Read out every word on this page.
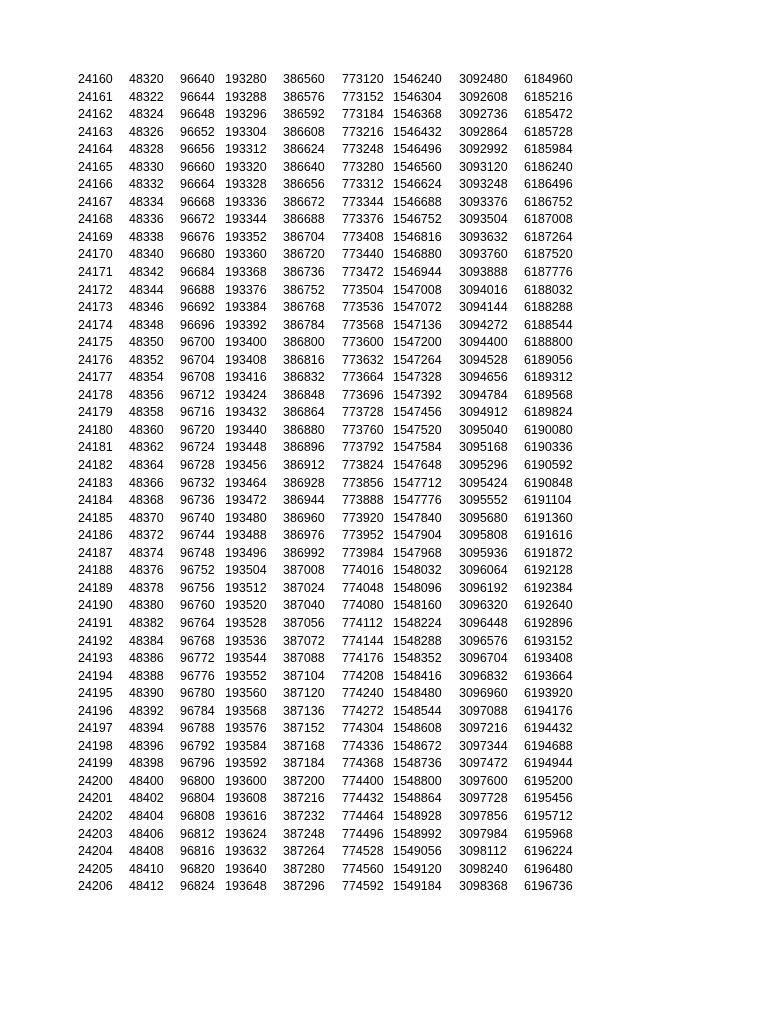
24160 48320 96640 193280 386560 773120 1546240 3092480 6184960
24161 48322 96644 193288 386576 773152 1546304 3092608 6185216
24162 48324 96648 193296 386592 773184 1546368 3092736 6185472
24163 48326 96652 193304 386608 773216 1546432 3092864 6185728
24164 48328 96656 193312 386624 773248 1546496 3092992 6185984
24165 48330 96660 193320 386640 773280 1546560 3093120 6186240
24166 48332 96664 193328 386656 773312 1546624 3093248 6186496
24167 48334 96668 193336 386672 773344 1546688 3093376 6186752
24168 48336 96672 193344 386688 773376 1546752 3093504 6187008
24169 48338 96676 193352 386704 773408 1546816 3093632 6187264
24170 48340 96680 193360 386720 773440 1546880 3093760 6187520
24171 48342 96684 193368 386736 773472 1546944 3093888 6187776
24172 48344 96688 193376 386752 773504 1547008 3094016 6188032
24173 48346 96692 193384 386768 773536 1547072 3094144 6188288
24174 48348 96696 193392 386784 773568 1547136 3094272 6188544
24175 48350 96700 193400 386800 773600 1547200 3094400 6188800
24176 48352 96704 193408 386816 773632 1547264 3094528 6189056
24177 48354 96708 193416 386832 773664 1547328 3094656 6189312
24178 48356 96712 193424 386848 773696 1547392 3094784 6189568
24179 48358 96716 193432 386864 773728 1547456 3094912 6189824
24180 48360 96720 193440 386880 773760 1547520 3095040 6190080
24181 48362 96724 193448 386896 773792 1547584 3095168 6190336
24182 48364 96728 193456 386912 773824 1547648 3095296 6190592
24183 48366 96732 193464 386928 773856 1547712 3095424 6190848
24184 48368 96736 193472 386944 773888 1547776 3095552 6191104
24185 48370 96740 193480 386960 773920 1547840 3095680 6191360
24186 48372 96744 193488 386976 773952 1547904 3095808 6191616
24187 48374 96748 193496 386992 773984 1547968 3095936 6191872
24188 48376 96752 193504 387008 774016 1548032 3096064 6192128
24189 48378 96756 193512 387024 774048 1548096 3096192 6192384
24190 48380 96760 193520 387040 774080 1548160 3096320 6192640
24191 48382 96764 193528 387056 774112 1548224 3096448 6192896
24192 48384 96768 193536 387072 774144 1548288 3096576 6193152
24193 48386 96772 193544 387088 774176 1548352 3096704 6193408
24194 48388 96776 193552 387104 774208 1548416 3096832 6193664
24195 48390 96780 193560 387120 774240 1548480 3096960 6193920
24196 48392 96784 193568 387136 774272 1548544 3097088 6194176
24197 48394 96788 193576 387152 774304 1548608 3097216 6194432
24198 48396 96792 193584 387168 774336 1548672 3097344 6194688
24199 48398 96796 193592 387184 774368 1548736 3097472 6194944
24200 48400 96800 193600 387200 774400 1548800 3097600 6195200
24201 48402 96804 193608 387216 774432 1548864 3097728 6195456
24202 48404 96808 193616 387232 774464 1548928 3097856 6195712
24203 48406 96812 193624 387248 774496 1548992 3097984 6195968
24204 48408 96816 193632 387264 774528 1549056 3098112 6196224
24205 48410 96820 193640 387280 774560 1549120 3098240 6196480
24206 48412 96824 193648 387296 774592 1549184 3098368 6196736
